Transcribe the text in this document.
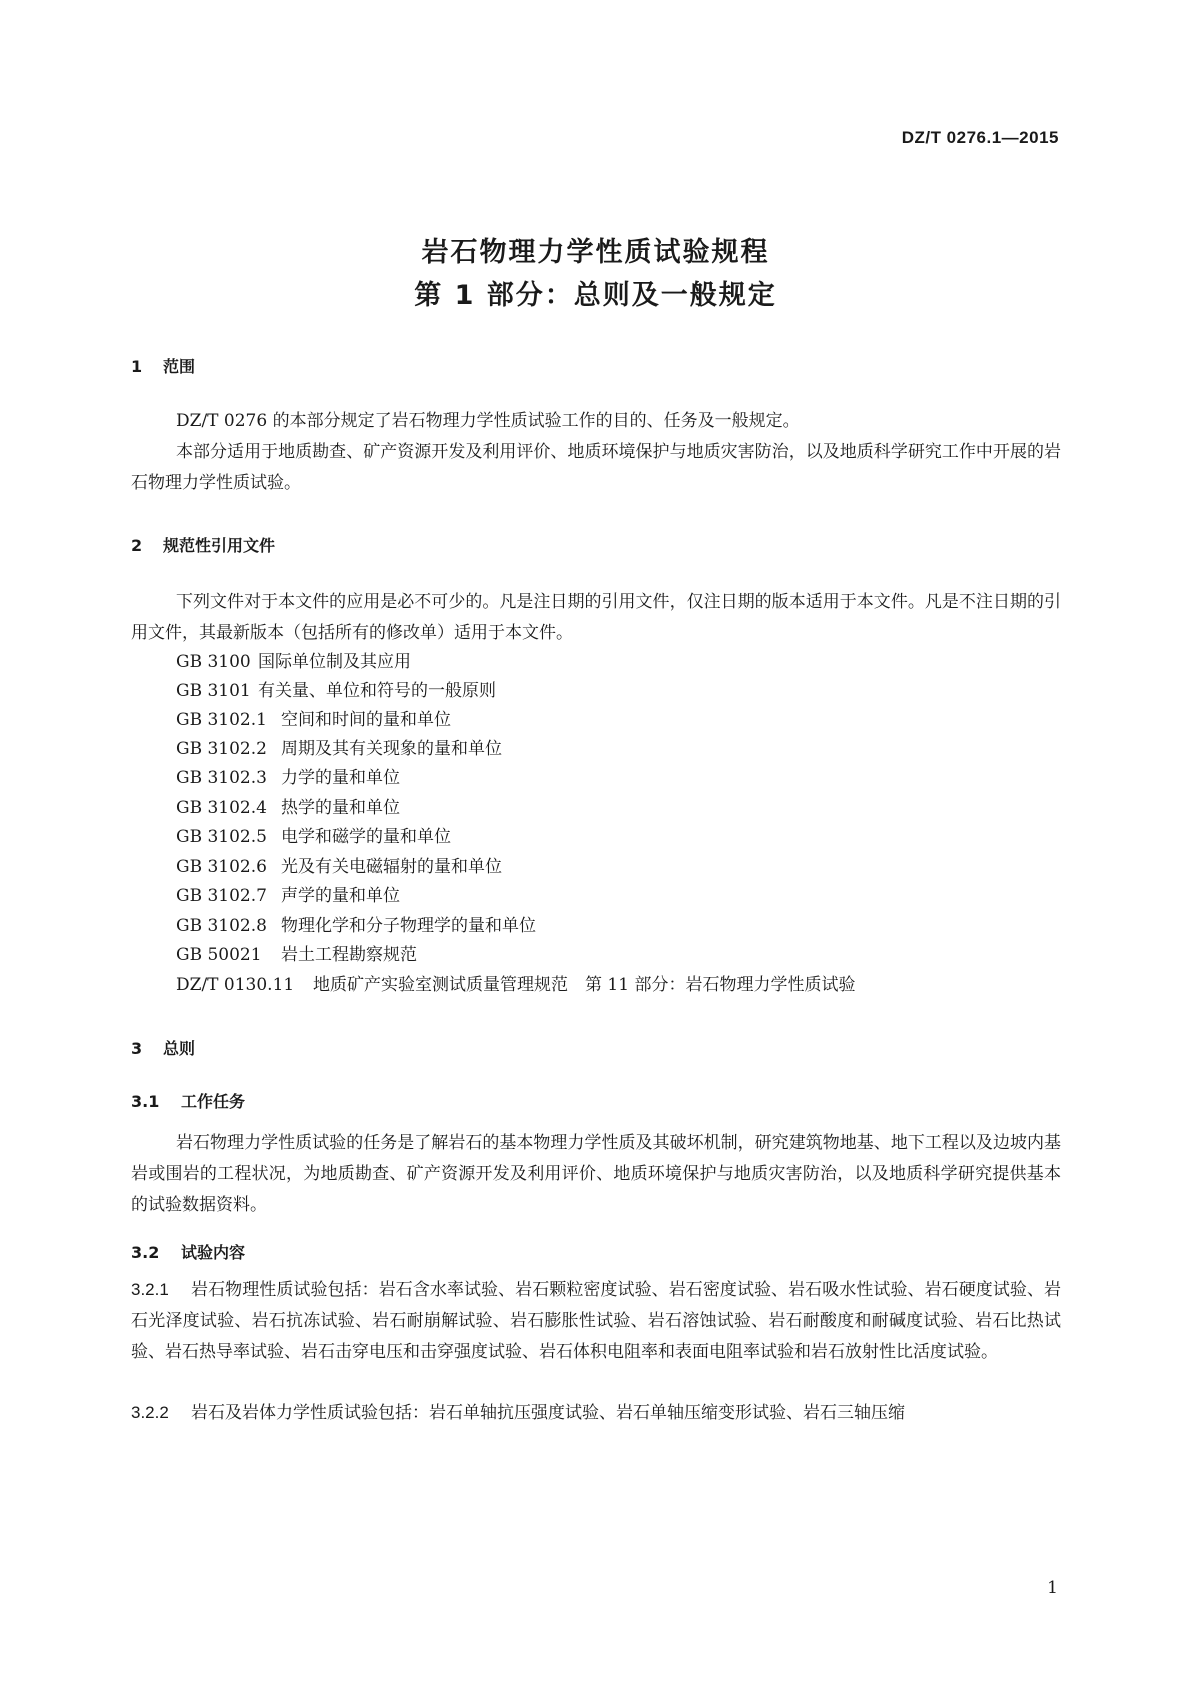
DZ/T 0276.1—2015
岩石物理力学性质试验规程
第 1 部分：总则及一般规定
1 范围
DZ/T 0276 的本部分规定了岩石物理力学性质试验工作的目的、任务及一般规定。
本部分适用于地质勘查、矿产资源开发及利用评价、地质环境保护与地质灾害防治，以及地质科学研究工作中开展的岩石物理力学性质试验。
2 规范性引用文件
下列文件对于本文件的应用是必不可少的。凡是注日期的引用文件，仅注日期的版本适用于本文件。凡是不注日期的引用文件，其最新版本（包括所有的修改单）适用于本文件。
GB 3100　 国际单位制及其应用
GB 3101　 有关量、单位和符号的一般原则
GB 3102.1　 空间和时间的量和单位
GB 3102.2　 周期及其有关现象的量和单位
GB 3102.3　 力学的量和单位
GB 3102.4　 热学的量和单位
GB 3102.5　 电学和磁学的量和单位
GB 3102.6　 光及有关电磁辐射的量和单位
GB 3102.7　 声学的量和单位
GB 3102.8　 物理化学和分子物理学的量和单位
GB 50021　 岩土工程勘察规范
DZ/T 0130.11　 地质矿产实验室测试质量管理规范　第 11 部分：岩石物理力学性质试验
3 总则
3.1 工作任务
岩石物理力学性质试验的任务是了解岩石的基本物理力学性质及其破坏机制，研究建筑物地基、地下工程以及边坡内基岩或围岩的工程状况，为地质勘查、矿产资源开发及利用评价、地质环境保护与地质灾害防治，以及地质科学研究提供基本的试验数据资料。
3.2 试验内容
3.2.1 岩石物理性质试验包括：岩石含水率试验、岩石颗粒密度试验、岩石密度试验、岩石吸水性试验、岩石硬度试验、岩石光泽度试验、岩石抗冻试验、岩石耐崩解试验、岩石膨胀性试验、岩石溶蚀试验、岩石耐酸度和耐碱度试验、岩石比热试验、岩石热导率试验、岩石击穿电压和击穿强度试验、岩石体积电阻率和表面电阻率试验和岩石放射性比活度试验。
3.2.2 岩石及岩体力学性质试验包括：岩石单轴抗压强度试验、岩石单轴压缩变形试验、岩石三轴压缩
1
